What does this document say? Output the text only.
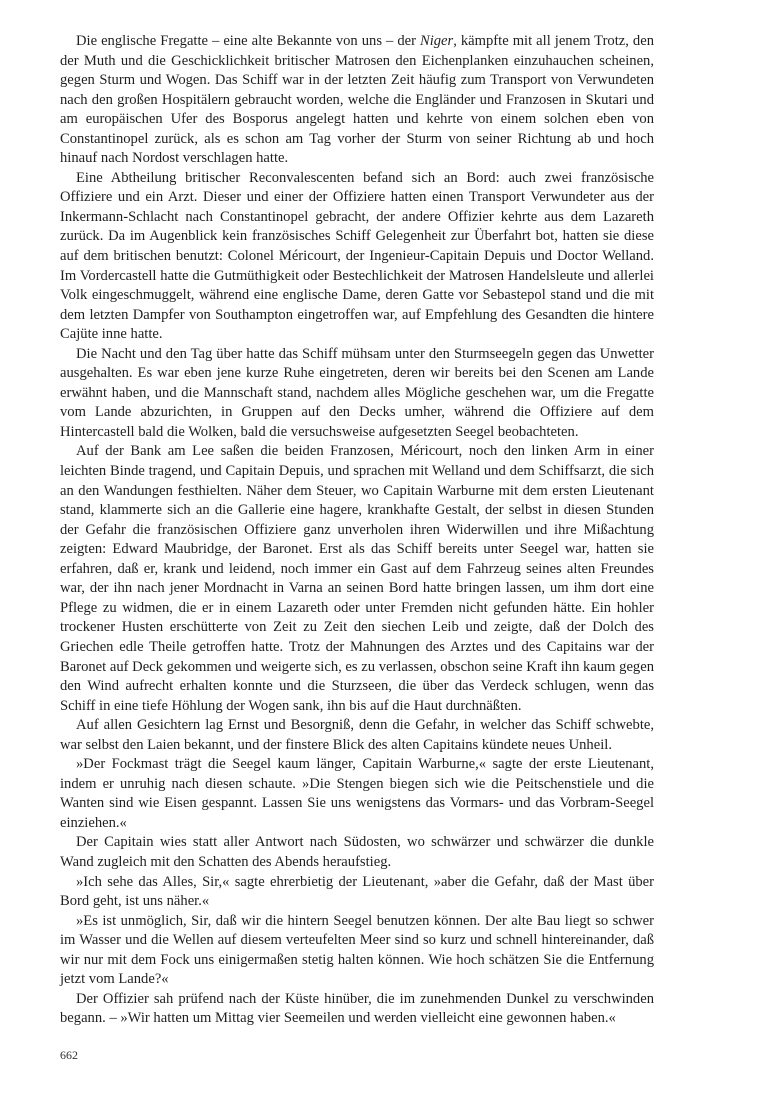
Die englische Fregatte – eine alte Bekannte von uns – der Niger, kämpfte mit all jenem Trotz, den der Muth und die Geschicklichkeit britischer Matrosen den Eichenplanken einzuhauchen scheinen, gegen Sturm und Wogen. Das Schiff war in der letzten Zeit häufig zum Transport von Verwundeten nach den großen Hospitälern gebraucht worden, welche die Engländer und Franzosen in Skutari und am europäischen Ufer des Bosporus angelegt hatten und kehrte von einem solchen eben von Constantinopel zurück, als es schon am Tag vorher der Sturm von seiner Richtung ab und hoch hinauf nach Nordost verschlagen hatte.

Eine Abtheilung britischer Reconvalescenten befand sich an Bord: auch zwei französische Offiziere und ein Arzt. Dieser und einer der Offiziere hatten einen Transport Verwundeter aus der Inkermann-Schlacht nach Constantinopel gebracht, der andere Offizier kehrte aus dem Lazareth zurück. Da im Augenblick kein französisches Schiff Gelegenheit zur Überfahrt bot, hatten sie diese auf dem britischen benutzt: Colonel Méricourt, der Ingenieur-Capitain Depuis und Doctor Welland. Im Vordercastell hatte die Gutmüthigkeit oder Bestechlichkeit der Matrosen Handelsleute und allerlei Volk eingeschmuggelt, während eine englische Dame, deren Gatte vor Sebastepol stand und die mit dem letzten Dampfer von Southampton eingetroffen war, auf Empfehlung des Gesandten die hintere Cajüte inne hatte.

Die Nacht und den Tag über hatte das Schiff mühsam unter den Sturmseegeln gegen das Unwetter ausgehalten. Es war eben jene kurze Ruhe eingetreten, deren wir bereits bei den Scenen am Lande erwähnt haben, und die Mannschaft stand, nachdem alles Mögliche geschehen war, um die Fregatte vom Lande abzurichten, in Gruppen auf den Decks umher, während die Offiziere auf dem Hintercastell bald die Wolken, bald die versuchsweise aufgesetzten Seegel beobachteten.

Auf der Bank am Lee saßen die beiden Franzosen, Méricourt, noch den linken Arm in einer leichten Binde tragend, und Capitain Depuis, und sprachen mit Welland und dem Schiffsarzt, die sich an den Wandungen festhielten. Näher dem Steuer, wo Capitain Warburne mit dem ersten Lieutenant stand, klammerte sich an die Gallerie eine hagere, krankhafte Gestalt, der selbst in diesen Stunden der Gefahr die französischen Offiziere ganz unverholen ihren Widerwillen und ihre Mißachtung zeigten: Edward Maubridge, der Baronet. Erst als das Schiff bereits unter Seegel war, hatten sie erfahren, daß er, krank und leidend, noch immer ein Gast auf dem Fahrzeug seines alten Freundes war, der ihn nach jener Mordnacht in Varna an seinen Bord hatte bringen lassen, um ihm dort eine Pflege zu widmen, die er in einem Lazareth oder unter Fremden nicht gefunden hätte. Ein hohler trockener Husten erschütterte von Zeit zu Zeit den siechen Leib und zeigte, daß der Dolch des Griechen edle Theile getroffen hatte. Trotz der Mahnungen des Arztes und des Capitains war der Baronet auf Deck gekommen und weigerte sich, es zu verlassen, obschon seine Kraft ihn kaum gegen den Wind aufrecht erhalten konnte und die Sturzseen, die über das Verdeck schlugen, wenn das Schiff in eine tiefe Höhlung der Wogen sank, ihn bis auf die Haut durchnäßten.

Auf allen Gesichtern lag Ernst und Besorgniß, denn die Gefahr, in welcher das Schiff schwebte, war selbst den Laien bekannt, und der finstere Blick des alten Capitains kündete neues Unheil.

»Der Fockmast trägt die Seegel kaum länger, Capitain Warburne,« sagte der erste Lieutenant, indem er unruhig nach diesen schaute. »Die Stengen biegen sich wie die Peitschenstiele und die Wanten sind wie Eisen gespannt. Lassen Sie uns wenigstens das Vormars- und das Vorbram-Seegel einziehen.«

Der Capitain wies statt aller Antwort nach Südosten, wo schwärzer und schwärzer die dunkle Wand zugleich mit den Schatten des Abends heraufstieg.

»Ich sehe das Alles, Sir,« sagte ehrerbietig der Lieutenant, »aber die Gefahr, daß der Mast über Bord geht, ist uns näher.«

»Es ist unmöglich, Sir, daß wir die hintern Seegel benutzen können. Der alte Bau liegt so schwer im Wasser und die Wellen auf diesem verteufelten Meer sind so kurz und schnell hintereinander, daß wir nur mit dem Fock uns einigermaßen stetig halten können. Wie hoch schätzen Sie die Entfernung jetzt vom Lande?«

Der Offizier sah prüfend nach der Küste hinüber, die im zunehmenden Dunkel zu verschwinden begann. – »Wir hatten um Mittag vier Seemeilen und werden vielleicht eine gewonnen haben.«

662
